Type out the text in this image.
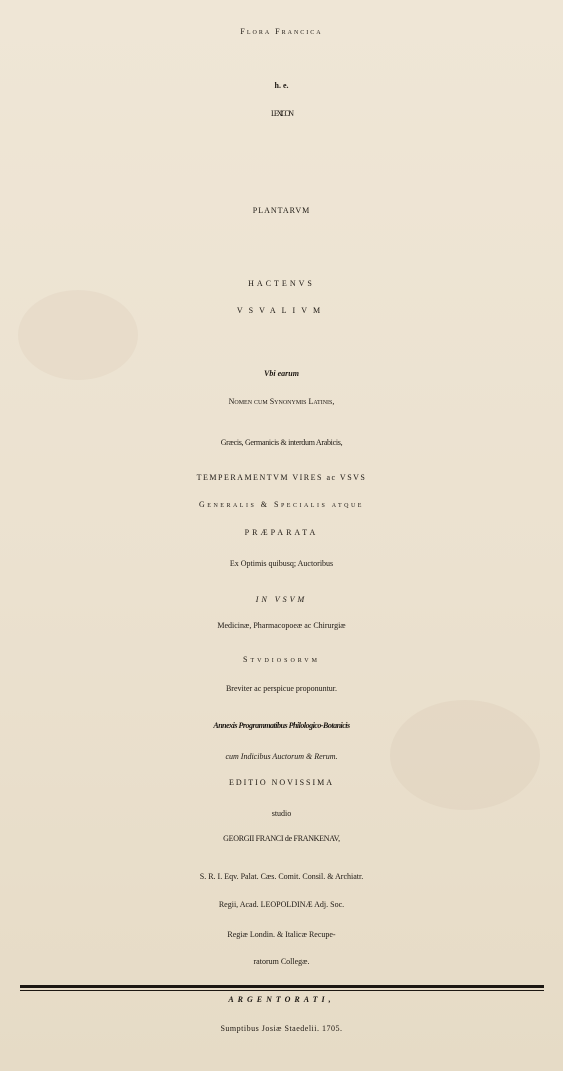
Flora Francica

h. e.

LEXICON

PLANTARVM

HACTENVS

VSVALIVM

Vbi earum

Nomen cum Synonymis Latinis,

Græcis, Germanicis & interdum Arabicis,

TEMPERAMENTVM VIRES ac VSVS

Generalis & Specialis atque

PRÆPARATA

Ex Optimis quibusq; Auctoribus

IN VSVM

Medicinæ, Pharmacopoeæ ac Chirurgiæ

Stvdiosorvm

Breviter ac perspicue proponuntur.

Annexis Programmatibus Philologico-Botanicis

cum Indicibus Auctorum & Rerum.

EDITIO NOVISSIMA

studio

GEORGII FRANCI de FRANKENAV,

S. R. I. Eqv. Palat. Cæs. Comit. Consil. & Archiatr.

Regii, Acad. LEOPOLDINÆ Adj. Soc.

Regiæ Londin. & Italicæ Recupe-

ratorum Collegæ.

ARGENTORATI,

Sumptibus Josiæ Staedelii. 1705.
